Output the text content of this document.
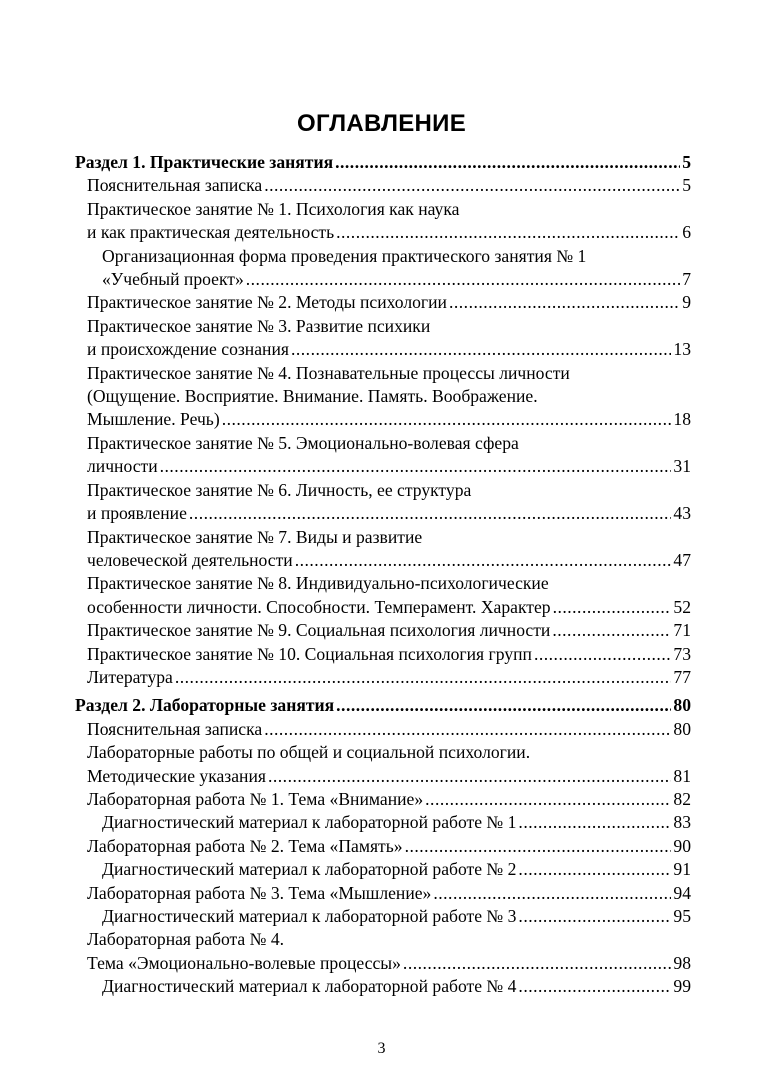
ОГЛАВЛЕНИЕ
Раздел 1. Практические занятия .....	5
Пояснительная записка .....	5
Практическое занятие № 1. Психология как наука
и как практическая деятельность .....	6
Организационная форма проведения практического занятия № 1
«Учебный проект» .....	7
Практическое занятие № 2. Методы психологии .....	9
Практическое занятие № 3. Развитие психики
и происхождение сознания .....	13
Практическое занятие № 4. Познавательные процессы личности
(Ощущение. Восприятие. Внимание. Память. Воображение.
Мышление. Речь) .....	18
Практическое занятие № 5. Эмоционально-волевая сфера
личности .....	31
Практическое занятие № 6. Личность, ее структура
и проявление .....	43
Практическое занятие № 7. Виды и развитие
человеческой деятельности .....	47
Практическое занятие № 8. Индивидуально-психологические
особенности личности. Способности. Темперамент. Характер .....	52
Практическое занятие № 9. Социальная психология личности .....	71
Практическое занятие № 10. Социальная психология групп .....	73
Литература .....	77
Раздел 2. Лабораторные занятия .....	80
Пояснительная записка .....	80
Лабораторные работы по общей и социальной психологии.
Методические указания .....	81
Лабораторная работа № 1. Тема «Внимание» .....	82
Диагностический материал к лабораторной работе № 1 .....	83
Лабораторная работа № 2. Тема «Память» .....	90
Диагностический материал к лабораторной работе № 2 .....	91
Лабораторная работа № 3. Тема «Мышление» .....	94
Диагностический материал к лабораторной работе № 3 .....	95
Лабораторная работа № 4.
Тема «Эмоционально-волевые процессы» .....	98
Диагностический материал к лабораторной работе № 4 .....	99
3
